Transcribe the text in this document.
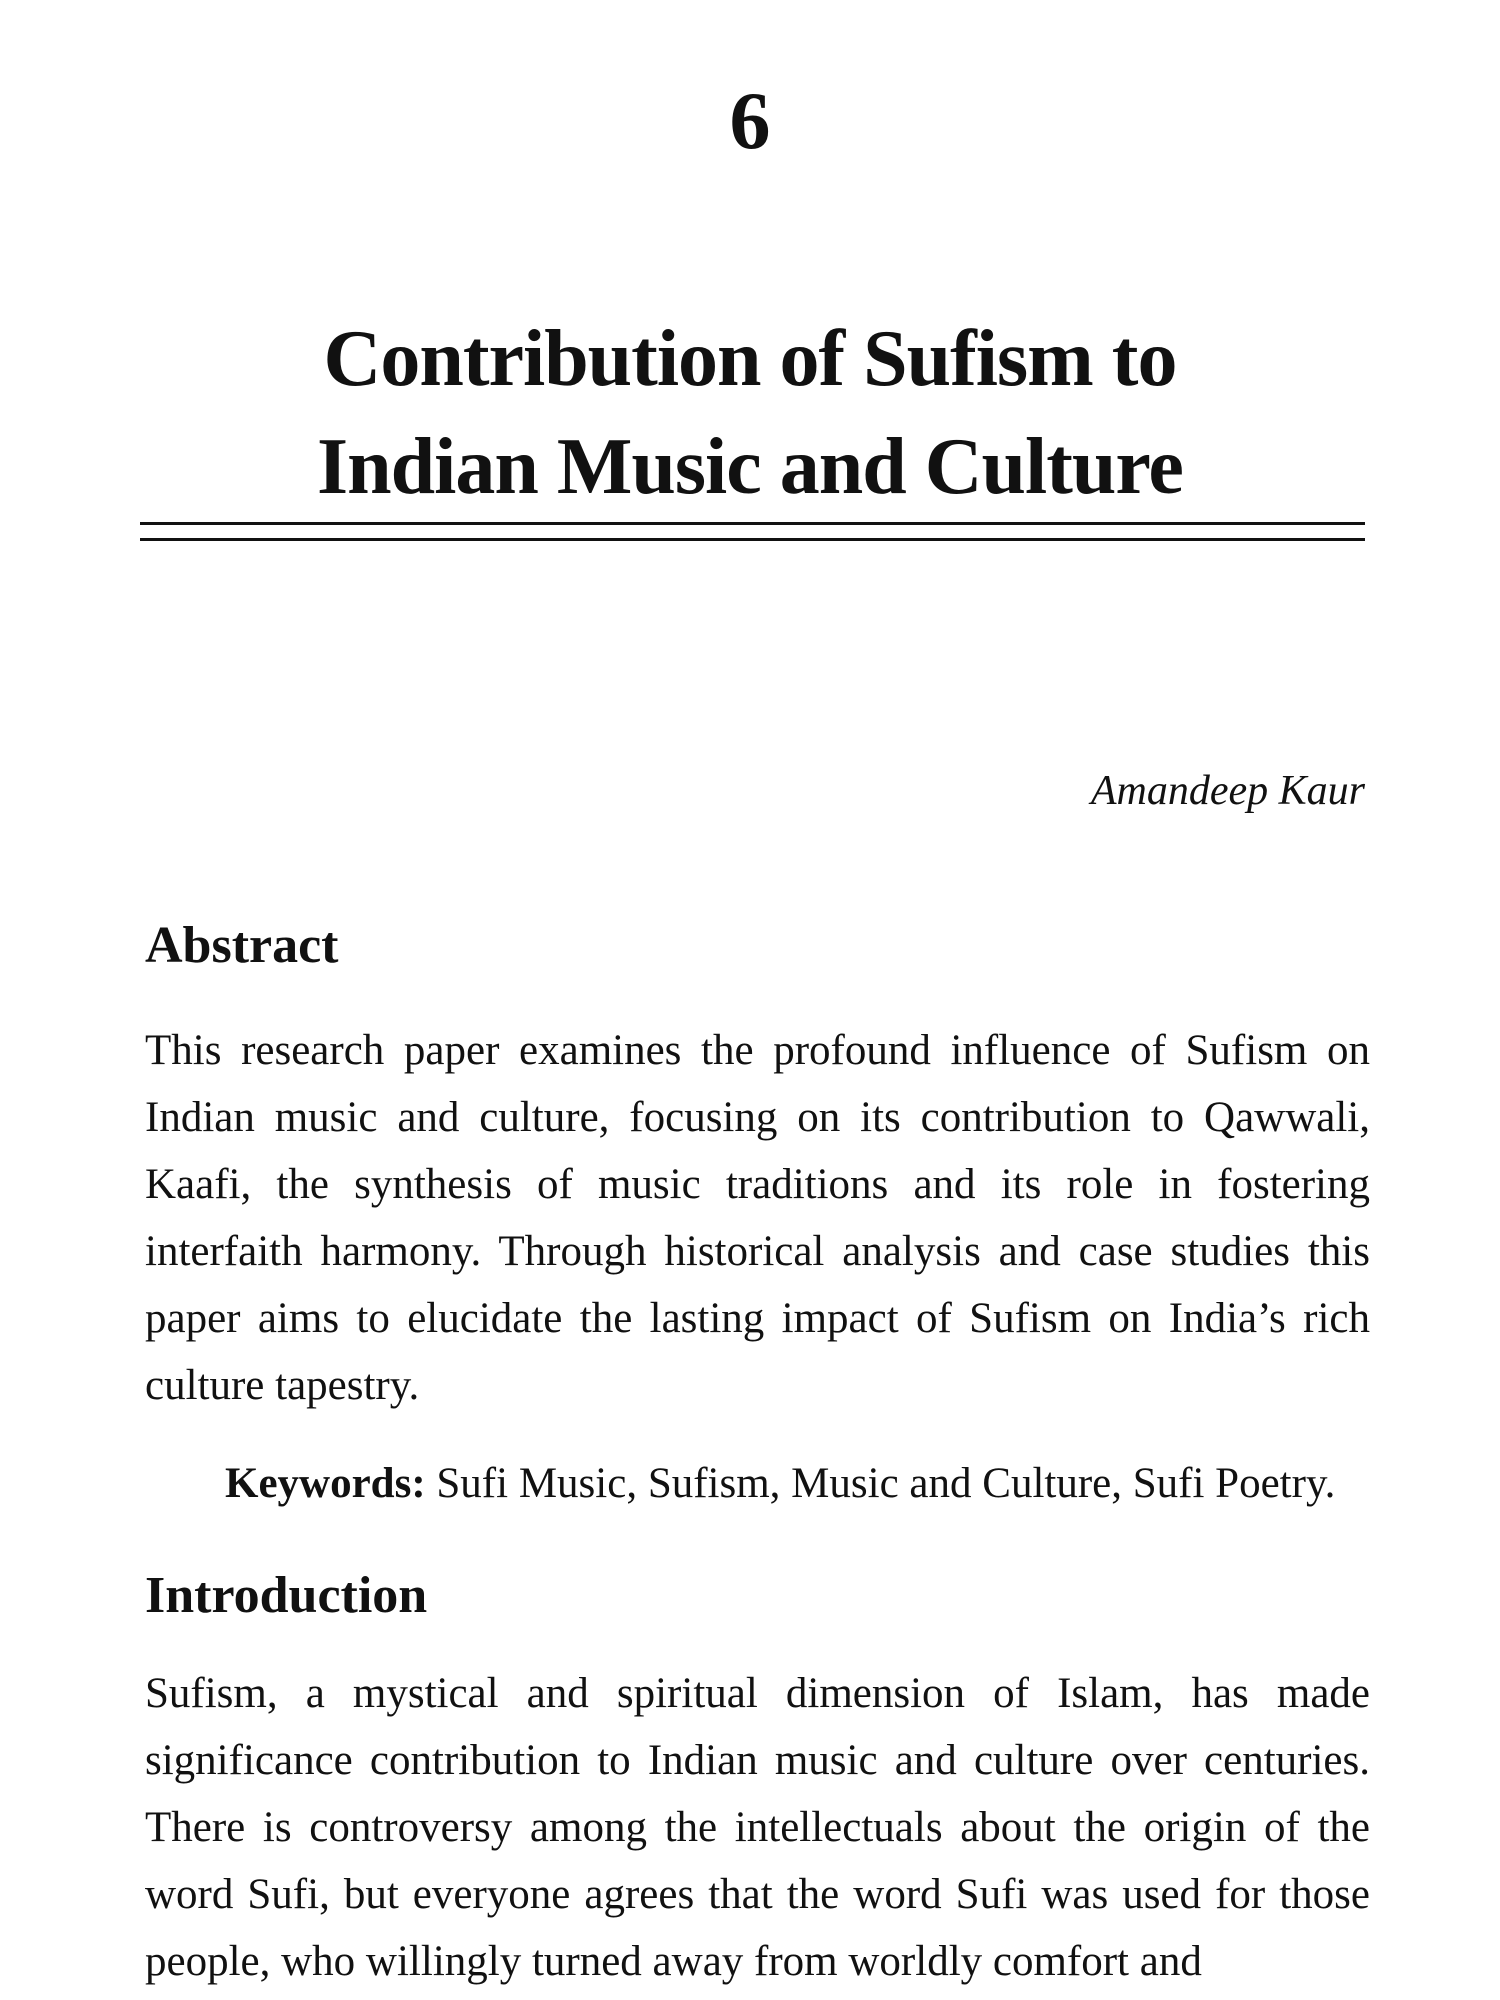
6
Contribution of Sufism to
Indian Music and Culture
Amandeep Kaur
Abstract

This research paper examines the profound influence of Sufism on Indian music and culture, focusing on its contribution to Qawwali, Kaafi, the synthesis of music traditions and its role in fostering interfaith harmony. Through historical analysis and case studies this paper aims to elucidate the lasting impact of Sufism on India’s rich culture tapestry.

Keywords: Sufi Music, Sufism, Music and Culture, Sufi Poetry.

Introduction

Sufism, a mystical and spiritual dimension of Islam, has made significance contribution to Indian music and culture over centuries. There is controversy among the intellectuals about the origin of the word Sufi, but everyone agrees that the word Sufi was used for those people, who willingly turned away from worldly comfort and
